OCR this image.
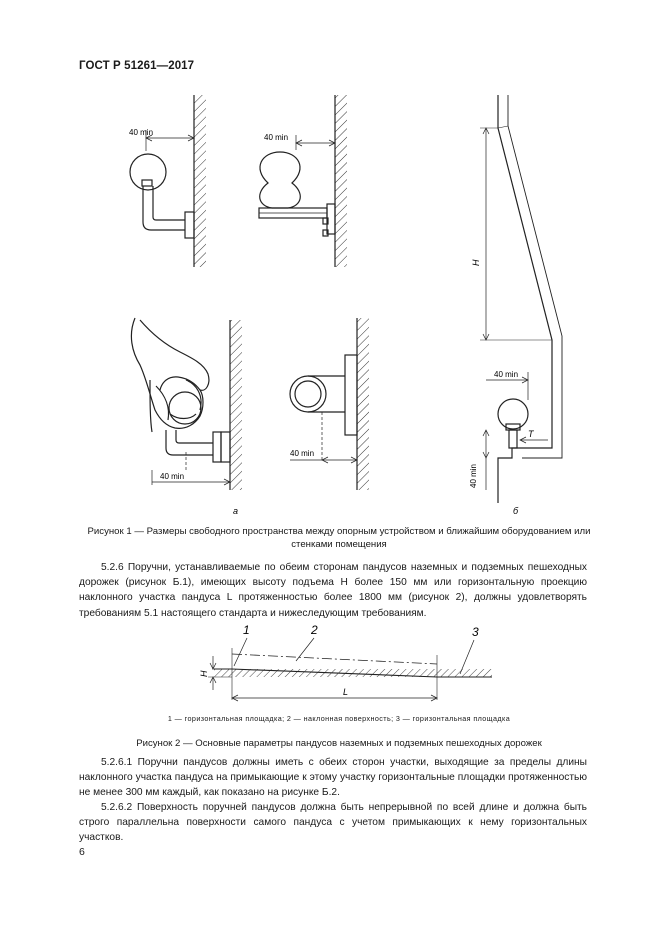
ГОСТ Р 51261—2017
40 min
40 min
40 min
40 min
40 min
40 min
H
T
а	б
Рисунок 1 — Размеры свободного пространства между опорным устройством и ближайшим оборудованием или стенками помещения
5.2.6 Поручни, устанавливаемые по обеим сторонам пандусов наземных и подземных пешеходных дорожек (рисунок Б.1), имеющих высоту подъема H более 150 мм или горизонтальную проекцию наклонного участка пандуса L протяженностью более 1800 мм (рисунок 2), должны удовлетворять требованиям 5.1 настоящего стандарта и нижеследующим требованиям.
1	2	3
H
L
1 — горизонтальная площадка; 2 — наклонная поверхность; 3 — горизонтальная площадка
Рисунок 2 — Основные параметры пандусов наземных и подземных пешеходных дорожек
5.2.6.1 Поручни пандусов должны иметь с обеих сторон участки, выходящие за пределы длины наклонного участка пандуса на примыкающие к этому участку горизонтальные площадки протяженностью не менее 300 мм каждый, как показано на рисунке Б.2.
5.2.6.2 Поверхность поручней пандусов должна быть непрерывной по всей длине и должна быть строго параллельна поверхности самого пандуса с учетом примыкающих к нему горизонтальных участков.
6
